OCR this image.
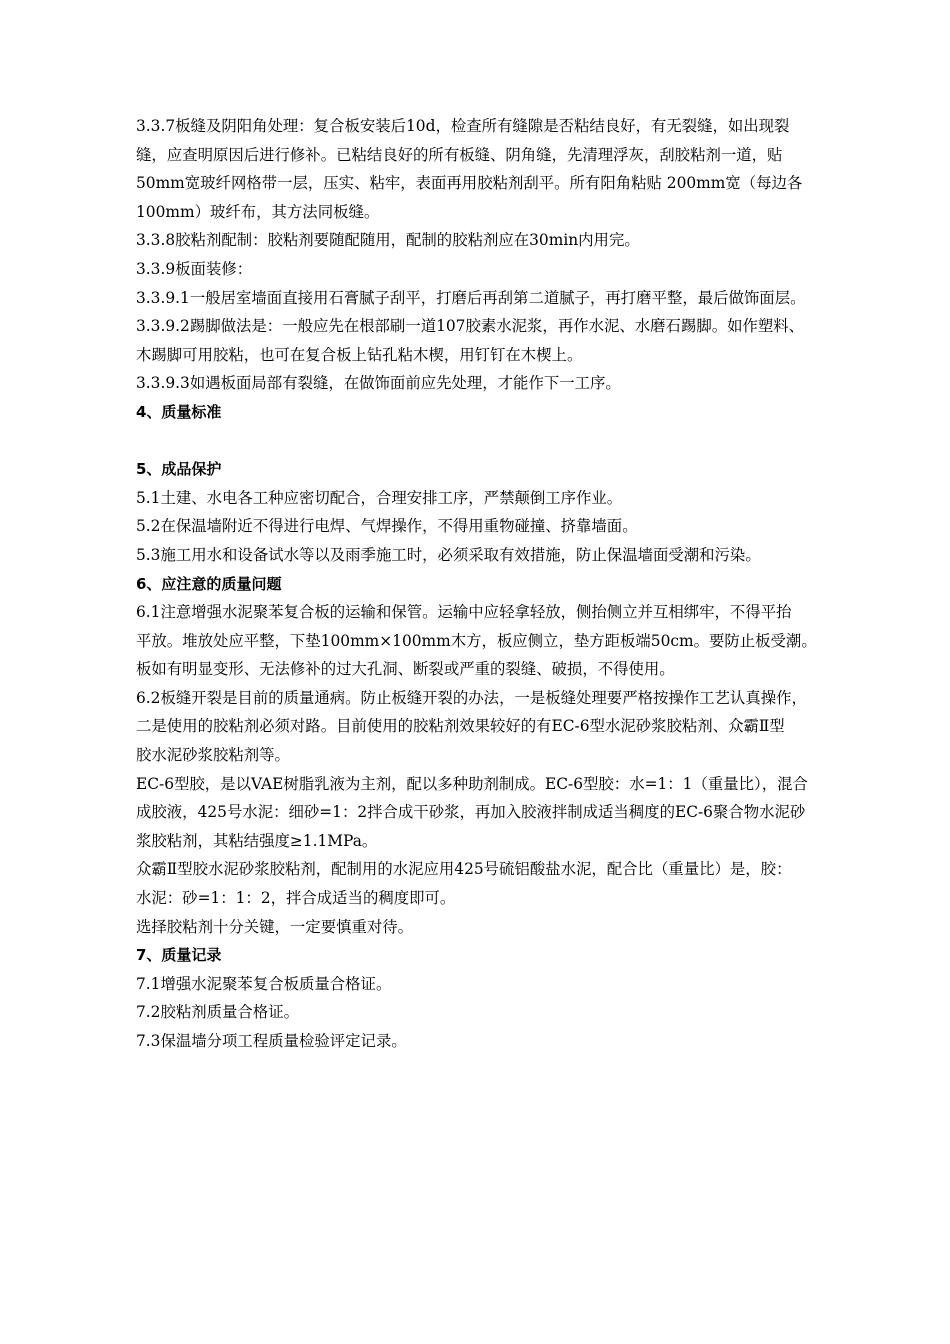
3.3.7板缝及阴阳角处理：复合板安装后10d，检查所有缝隙是否粘结良好，有无裂缝，如出现裂

缝，应查明原因后进行修补。已粘结良好的所有板缝、阴角缝，先清理浮灰，刮胶粘剂一道，贴

50mm宽玻纤网格带一层，压实、粘牢，表面再用胶粘剂刮平。所有阳角粘贴 200mm宽（每边各

100mm）玻纤布，其方法同板缝。

3.3.8胶粘剂配制：胶粘剂要随配随用，配制的胶粘剂应在30min内用完。

3.3.9板面装修：

3.3.9.1一般居室墙面直接用石膏腻子刮平，打磨后再刮第二道腻子，再打磨平整，最后做饰面层。

3.3.9.2踢脚做法是：一般应先在根部刷一道107胶素水泥浆，再作水泥、水磨石踢脚。如作塑料、

木踢脚可用胶粘，也可在复合板上钻孔粘木楔，用钉钉在木楔上。

3.3.9.3如遇板面局部有裂缝，在做饰面前应先处理，才能作下一工序。

4、质量标准

5、成品保护

5.1土建、水电各工种应密切配合，合理安排工序，严禁颠倒工序作业。

5.2在保温墙附近不得进行电焊、气焊操作，不得用重物碰撞、挤靠墙面。

5.3施工用水和设备试水等以及雨季施工时，必须采取有效措施，防止保温墙面受潮和污染。

6、应注意的质量问题

6.1注意增强水泥聚苯复合板的运输和保管。运输中应轻拿轻放，侧抬侧立并互相绑牢，不得平抬

平放。堆放处应平整，下垫100mm×100mm木方，板应侧立，垫方距板端50cm。要防止板受潮。

板如有明显变形、无法修补的过大孔洞、断裂或严重的裂缝、破损，不得使用。

6.2板缝开裂是目前的质量通病。防止板缝开裂的办法，一是板缝处理要严格按操作工艺认真操作，

二是使用的胶粘剂必须对路。目前使用的胶粘剂效果较好的有EC-6型水泥砂浆胶粘剂、众霸Ⅱ型

胶水泥砂浆胶粘剂等。

EC-6型胶，是以VAE树脂乳液为主剂，配以多种助剂制成。EC-6型胶：水=1：1（重量比），混合

成胶液，425号水泥：细砂=1：2拌合成干砂浆，再加入胶液拌制成适当稠度的EC-6聚合物水泥砂

浆胶粘剂，其粘结强度≥1.1MPa。

众霸Ⅱ型胶水泥砂浆胶粘剂，配制用的水泥应用425号硫铝酸盐水泥，配合比（重量比）是，胶：

水泥：砂=1：1：2，拌合成适当的稠度即可。

选择胶粘剂十分关键，一定要慎重对待。

7、质量记录

7.1增强水泥聚苯复合板质量合格证。

7.2胶粘剂质量合格证。

7.3保温墙分项工程质量检验评定记录。
